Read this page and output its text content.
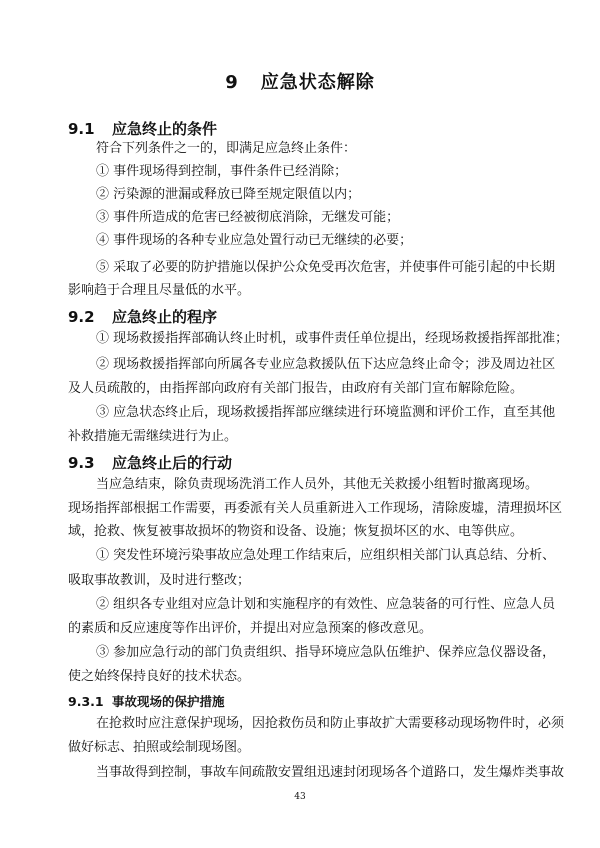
9 应急状态解除
9.1 应急终止的条件
符合下列条件之一的，即满足应急终止条件：
① 事件现场得到控制，事件条件已经消除；
② 污染源的泄漏或释放已降至规定限值以内；
③ 事件所造成的危害已经被彻底消除，无继发可能；
④ 事件现场的各种专业应急处置行动已无继续的必要；
⑤ 采取了必要的防护措施以保护公众免受再次危害，并使事件可能引起的中长期
影响趋于合理且尽量低的水平。
9.2 应急终止的程序
① 现场救援指挥部确认终止时机，或事件责任单位提出，经现场救援指挥部批准；
② 现场救援指挥部向所属各专业应急救援队伍下达应急终止命令；涉及周边社区
及人员疏散的，由指挥部向政府有关部门报告，由政府有关部门宣布解除危险。
③ 应急状态终止后，现场救援指挥部应继续进行环境监测和评价工作，直至其他
补救措施无需继续进行为止。
9.3 应急终止后的行动
当应急结束，除负责现场洗消工作人员外，其他无关救援小组暂时撤离现场。
现场指挥部根据工作需要，再委派有关人员重新进入工作现场，清除废墟，清理损坏区
域，抢救、恢复被事故损坏的物资和设备、设施；恢复损坏区的水、电等供应。
① 突发性环境污染事故应急处理工作结束后，应组织相关部门认真总结、分析、
吸取事故教训，及时进行整改；
② 组织各专业组对应急计划和实施程序的有效性、应急装备的可行性、应急人员
的素质和反应速度等作出评价，并提出对应急预案的修改意见。
③ 参加应急行动的部门负责组织、指导环境应急队伍维护、保养应急仪器设备，
使之始终保持良好的技术状态。
9.3.1 事故现场的保护措施
在抢救时应注意保护现场，因抢救伤员和防止事故扩大需要移动现场物件时，必须
做好标志、拍照或绘制现场图。
当事故得到控制，事故车间疏散安置组迅速封闭现场各个道路口，发生爆炸类事故
43
